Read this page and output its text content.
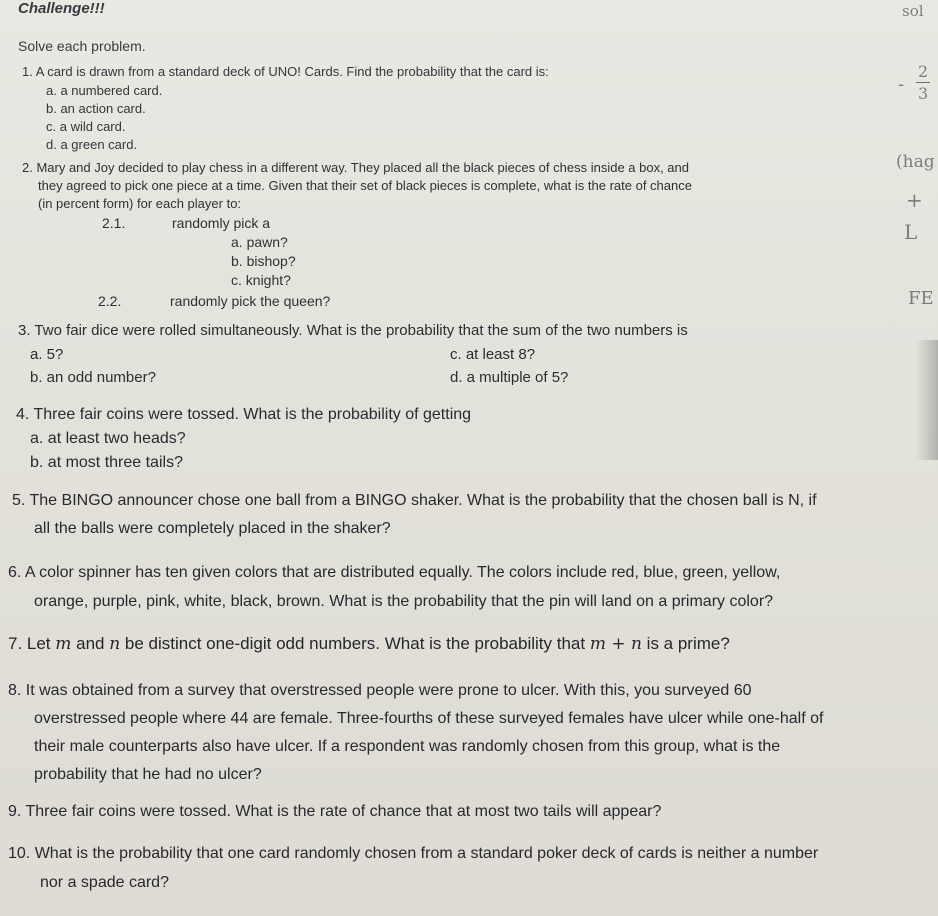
Challenge!!!
Solve each problem.
1. A card is drawn from a standard deck of UNO! Cards. Find the probability that the card is:
a. a numbered card.
b. an action card.
c. a wild card.
d. a green card.
2. Mary and Joy decided to play chess in a different way. They placed all the black pieces of chess inside a box, and
they agreed to pick one piece at a time. Given that their set of black pieces is complete, what is the rate of chance
(in percent form) for each player to:
2.1.	randomly pick a
a. pawn?
b. bishop?
c. knight?
2.2.	randomly pick the queen?
3. Two fair dice were rolled simultaneously. What is the probability that the sum of the two numbers is
a. 5?
b. an odd number?
c. at least 8?
d. a multiple of 5?
4. Three fair coins were tossed. What is the probability of getting
a. at least two heads?
b. at most three tails?
5. The BINGO announcer chose one ball from a BINGO shaker. What is the probability that the chosen ball is N, if
all the balls were completely placed in the shaker?
6. A color spinner has ten given colors that are distributed equally. The colors include red, blue, green, yellow,
orange, purple, pink, white, black, brown. What is the probability that the pin will land on a primary color?
7. Let m and n be distinct one-digit odd numbers. What is the probability that m + n is a prime?
8. It was obtained from a survey that overstressed people were prone to ulcer. With this, you surveyed 60
overstressed people where 44 are female. Three-fourths of these surveyed females have ulcer while one-half of
their male counterparts also have ulcer. If a respondent was randomly chosen from this group, what is the
probability that he had no ulcer?
9. Three fair coins were tossed. What is the rate of chance that at most two tails will appear?
10. What is the probability that one card randomly chosen from a standard poker deck of cards is neither a number
nor a spade card?
sol
-
2
3
(hag
+
L
FE
